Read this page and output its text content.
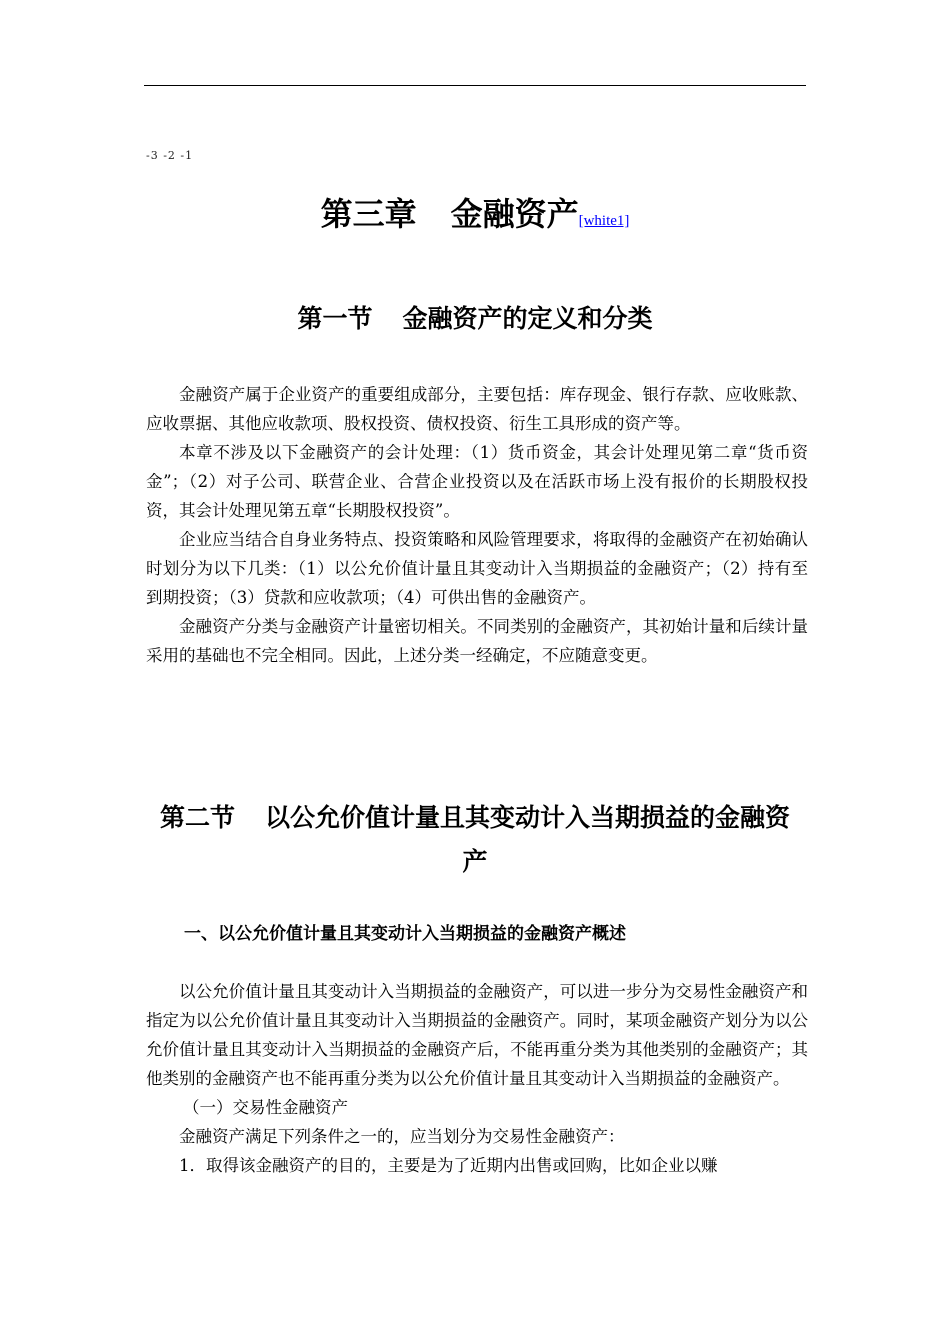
-3 -2 -1
第三章 金融资产[white1]
第一节 金融资产的定义和分类

金融资产属于企业资产的重要组成部分，主要包括：库存现金、银行存款、应收账款、应收票据、其他应收款项、股权投资、债权投资、衍生工具形成的资产等。

本章不涉及以下金融资产的会计处理：（1）货币资金，其会计处理见第二章“货币资金”；（2）对子公司、联营企业、合营企业投资以及在活跃市场上没有报价的长期股权投资，其会计处理见第五章“长期股权投资”。

企业应当结合自身业务特点、投资策略和风险管理要求，将取得的金融资产在初始确认时划分为以下几类：（1）以公允价值计量且其变动计入当期损益的金融资产；（2）持有至到期投资；（3）贷款和应收款项；（4）可供出售的金融资产。

金融资产分类与金融资产计量密切相关。不同类别的金融资产，其初始计量和后续计量采用的基础也不完全相同。因此，上述分类一经确定，不应随意变更。

第二节 以公允价值计量且其变动计入当期损益的金融资
产
一、以公允价值计量且其变动计入当期损益的金融资产概述

以公允价值计量且其变动计入当期损益的金融资产，可以进一步分为交易性金融资产和指定为以公允价值计量且其变动计入当期损益的金融资产。同时，某项金融资产划分为以公允价值计量且其变动计入当期损益的金融资产后，不能再重分类为其他类别的金融资产；其他类别的金融资产也不能再重分类为以公允价值计量且其变动计入当期损益的金融资产。

（一）交易性金融资产

金融资产满足下列条件之一的，应当划分为交易性金融资产：

1．取得该金融资产的目的，主要是为了近期内出售或回购，比如企业以赚
